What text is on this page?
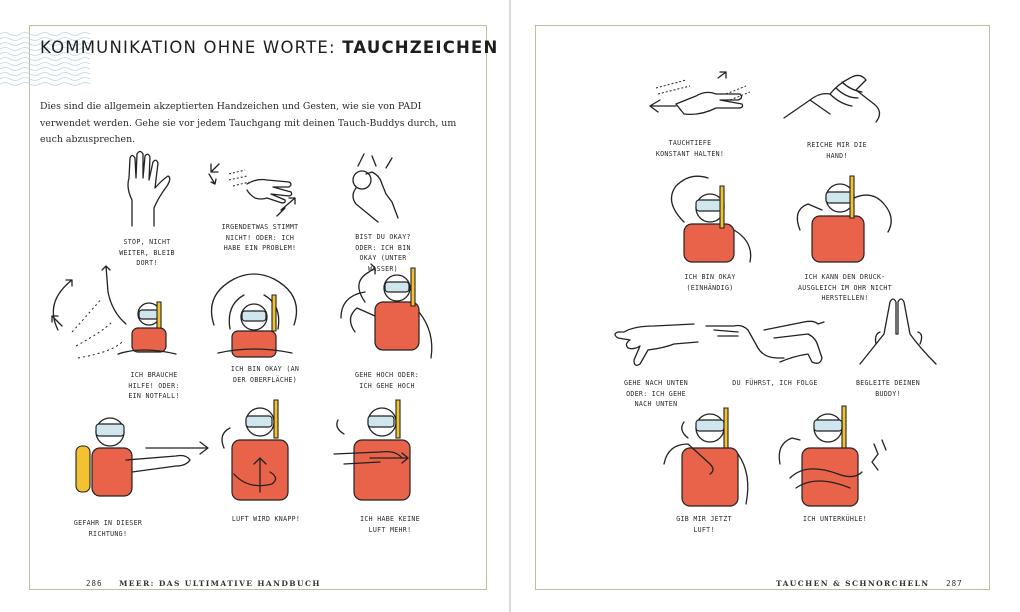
KOMMUNIKATION OHNE WORTE: TAUCHZEICHEN
Dies sind die allgemein akzeptierten Handzeichen und Gesten, wie sie von PADI verwendet werden. Gehe sie vor jedem Tauchgang mit deinen Tauch-Buddys durch, um euch abzusprechen.
STOP, NICHT WEITER, BLEIB DORT!
IRGENDETWAS STIMMT NICHT! ODER: ICH HABE EIN PROBLEM!
BIST DU OKAY? ODER: ICH BIN OKAY (UNTER WASSER)
ICH BRAUCHE HILFE! ODER: EIN NOTFALL!
ICH BIN OKAY (AN DER OBERFLÄCHE)
GEHE HOCH ODER: ICH GEHE HOCH
GEFAHR IN DIESER RICHTUNG!
LUFT WIRD KNAPP!	ICH HABE KEINE LUFT MEHR!
TAUCHTIEFE KONSTANT HALTEN!
REICHE MIR DIE HAND!
ICH BIN OKAY (EINHÄNDIG)
ICH KANN DEN DRUCK-AUSGLEICH IM OHR NICHT HERSTELLEN!
GEHE NACH UNTEN ODER: ICH GEHE NACH UNTEN
DU FÜHRST, ICH FOLGE	BEGLEITE DEINEN BUDDY!
GIB MIR JETZT LUFT!
ICH UNTERKÜHLE!
286 MEER: DAS ULTIMATIVE HANDBUCH	TAUCHEN & SCHNORCHELN 287
